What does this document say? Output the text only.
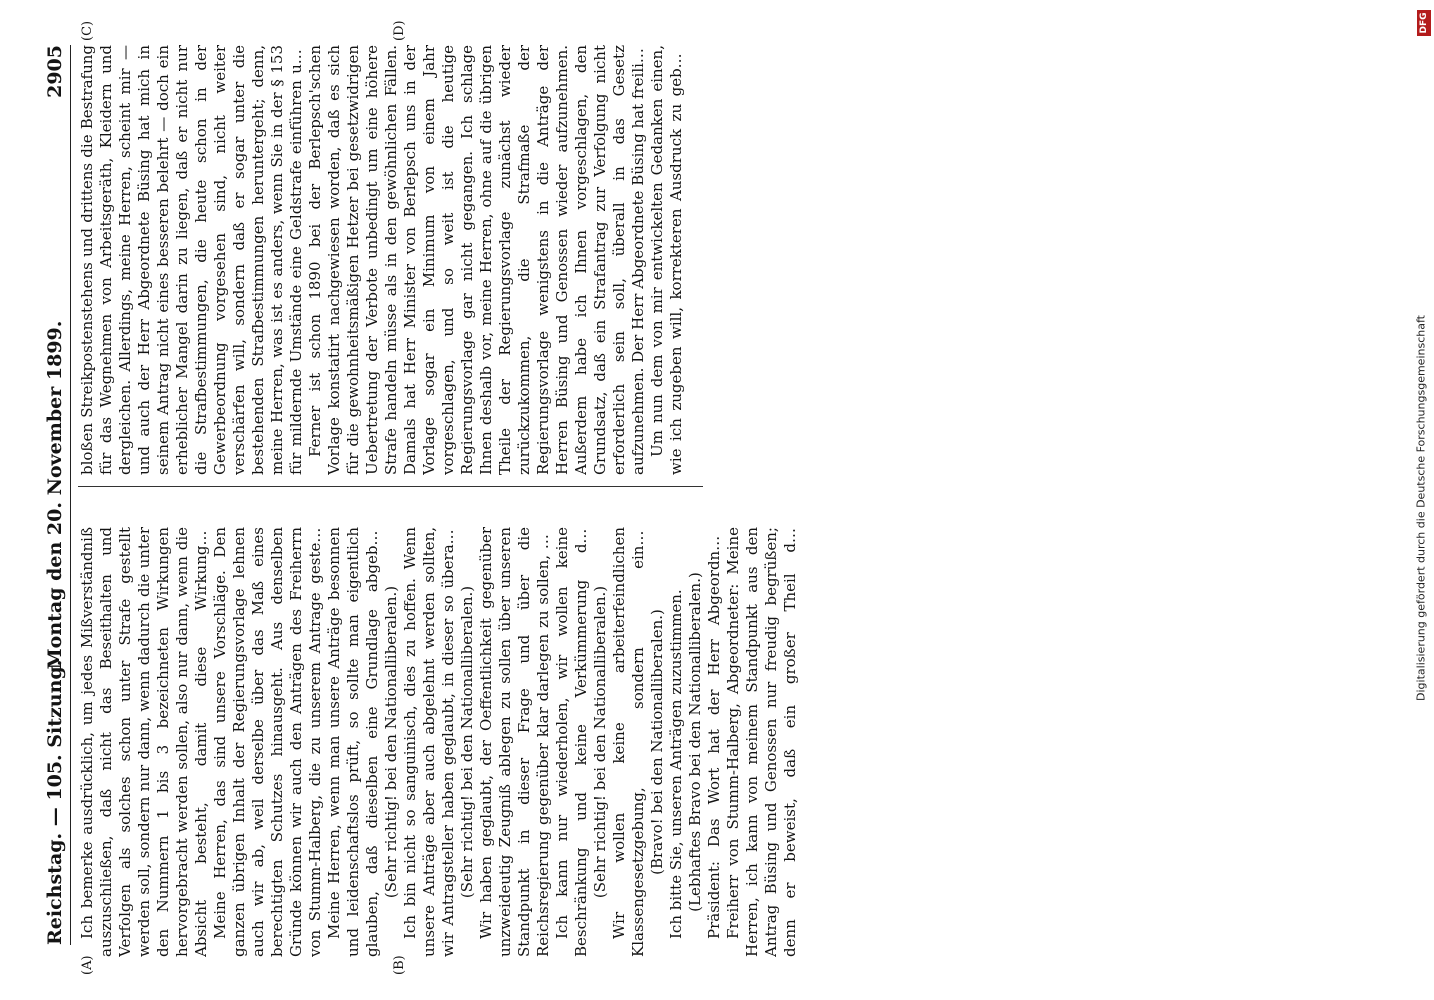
Reichstag. — 105. Sitzung.
Montag den 20. November 1899.
2905
(A)	(B)
(C)	(D)

Ich bemerke ausdrücklich, um jedes Mißverständniß auszuschließen, daß nicht das Beseithalten und Verfolgen als solches schon unter Strafe gestellt werden soll, sondern nur dann, wenn dadurch die unter den Nummern 1 bis 3 bezeichneten Wirkungen hervorgebracht werden sollen, also nur dann, wenn die Absicht besteht, damit diese Wirkungen

Meine Herren, das sind unsere Vorschläge. Den ganzen übrigen Inhalt der Regierungsvorlage lehnen auch wir ab, weil derselbe über das Maß eines berechtigten Schutzes hinausgeht. Aus denselben Gründe können wir auch den Anträgen des Freiherrn von Stumm-Halberg, die zu unserem Antrage gestellt

Meine Herren, wenn man unsere Anträge besonnen und leidenschaftslos prüft, so sollte man eigentlich glauben, daß dieselben eine Grundlage abgeben

(Sehr richtig! bei den Nationalliberalen.)

Ich bin nicht so sanguinisch, dies zu hoffen. Wenn unsere Anträge aber auch abgelehnt werden sollten, wir Antragsteller haben geglaubt, in dieser so überaus

(Sehr richtig! bei den Nationalliberalen.)

Wir haben geglaubt, der Oeffentlichkeit gegenüber unzweideutig Zeugniß ablegen zu sollen über unseren Standpunkt in dieser Frage und über die Reichsregierung gegenüber klar darlegen zu sollen, bis

Ich kann nur wiederholen, wir wollen keine Beschränkung und keine Verkümmerung des

(Sehr richtig! bei den Nationalliberalen.)

Wir wollen keine arbeiterfeindlichen Klassengesetzgebung, sondern einen

(Bravo! bei den Nationalliberalen.) Ich bitte Sie, unseren Anträgen zuzustimmen. (Lebhaftes Bravo bei den Nationalliberalen.) Präsident: Das Wort hat der Herr Abgeordnete

Freiherr von Stumm-Halberg, Abgeordneter: Meine Herren, ich kann von meinem Standpunkt aus den Antrag Büsing und Genossen nur freudig begrüßen; denn er beweist, daß ein großer Theil der

bloßen Streikpostenstehens und drittens die Bestrafung für das Wegnehmen von Arbeitsgeräth, Kleidern und dergleichen. Allerdings, meine Herren, scheint mir — und auch der Herr Abgeordnete Büsing hat mich in seinem Antrag nicht eines besseren belehrt — doch ein erheblicher Mangel darin zu liegen, daß er nicht nur die Strafbestimmungen, die heute schon in der Gewerbeordnung vorgesehen sind, nicht weiter verschärfen will, sondern daß er sogar unter die bestehenden Strafbestimmungen heruntergeht; denn, meine Herren, was ist es anders, wenn Sie in der § 153 für mildernde Umstände eine Geldstrafe einführen und

Ferner ist schon 1890 bei der Berlepsch'schen Vorlage konstatirt nachgewiesen worden, daß es sich für die gewohnheitsmäßigen Hetzer bei gesetzwidrigen Uebertretung der Verbote unbedingt um eine höhere Strafe handeln müsse als in den gewöhnlichen Fällen. Damals hat Herr Minister von Berlepsch uns in der Vorlage sogar ein Minimum von einem Jahr vorgeschlagen, und so weit ist die heutige Regierungsvorlage gar nicht gegangen. Ich schlage Ihnen deshalb vor, meine Herren, ohne auf die übrigen Theile der Regierungsvorlage zunächst wieder zurückzukommen, die Strafmaße der Regierungsvorlage wenigstens in die Anträge der Herren Büsing und Genossen wieder aufzunehmen. Außerdem habe ich Ihnen vorgeschlagen, den Grundsatz, daß ein Strafantrag zur Verfolgung nicht erforderlich sein soll, überall in das Gesetz aufzunehmen. Der Herr Abgeordnete Büsing hat freilich

Um nun dem von mir entwickelten Gedanken einen, wie ich zugeben will, korrekteren Ausdruck zu geben,

Digitalisierung gefördert durch die Deutsche Forschungsgemeinschaft
DFG
